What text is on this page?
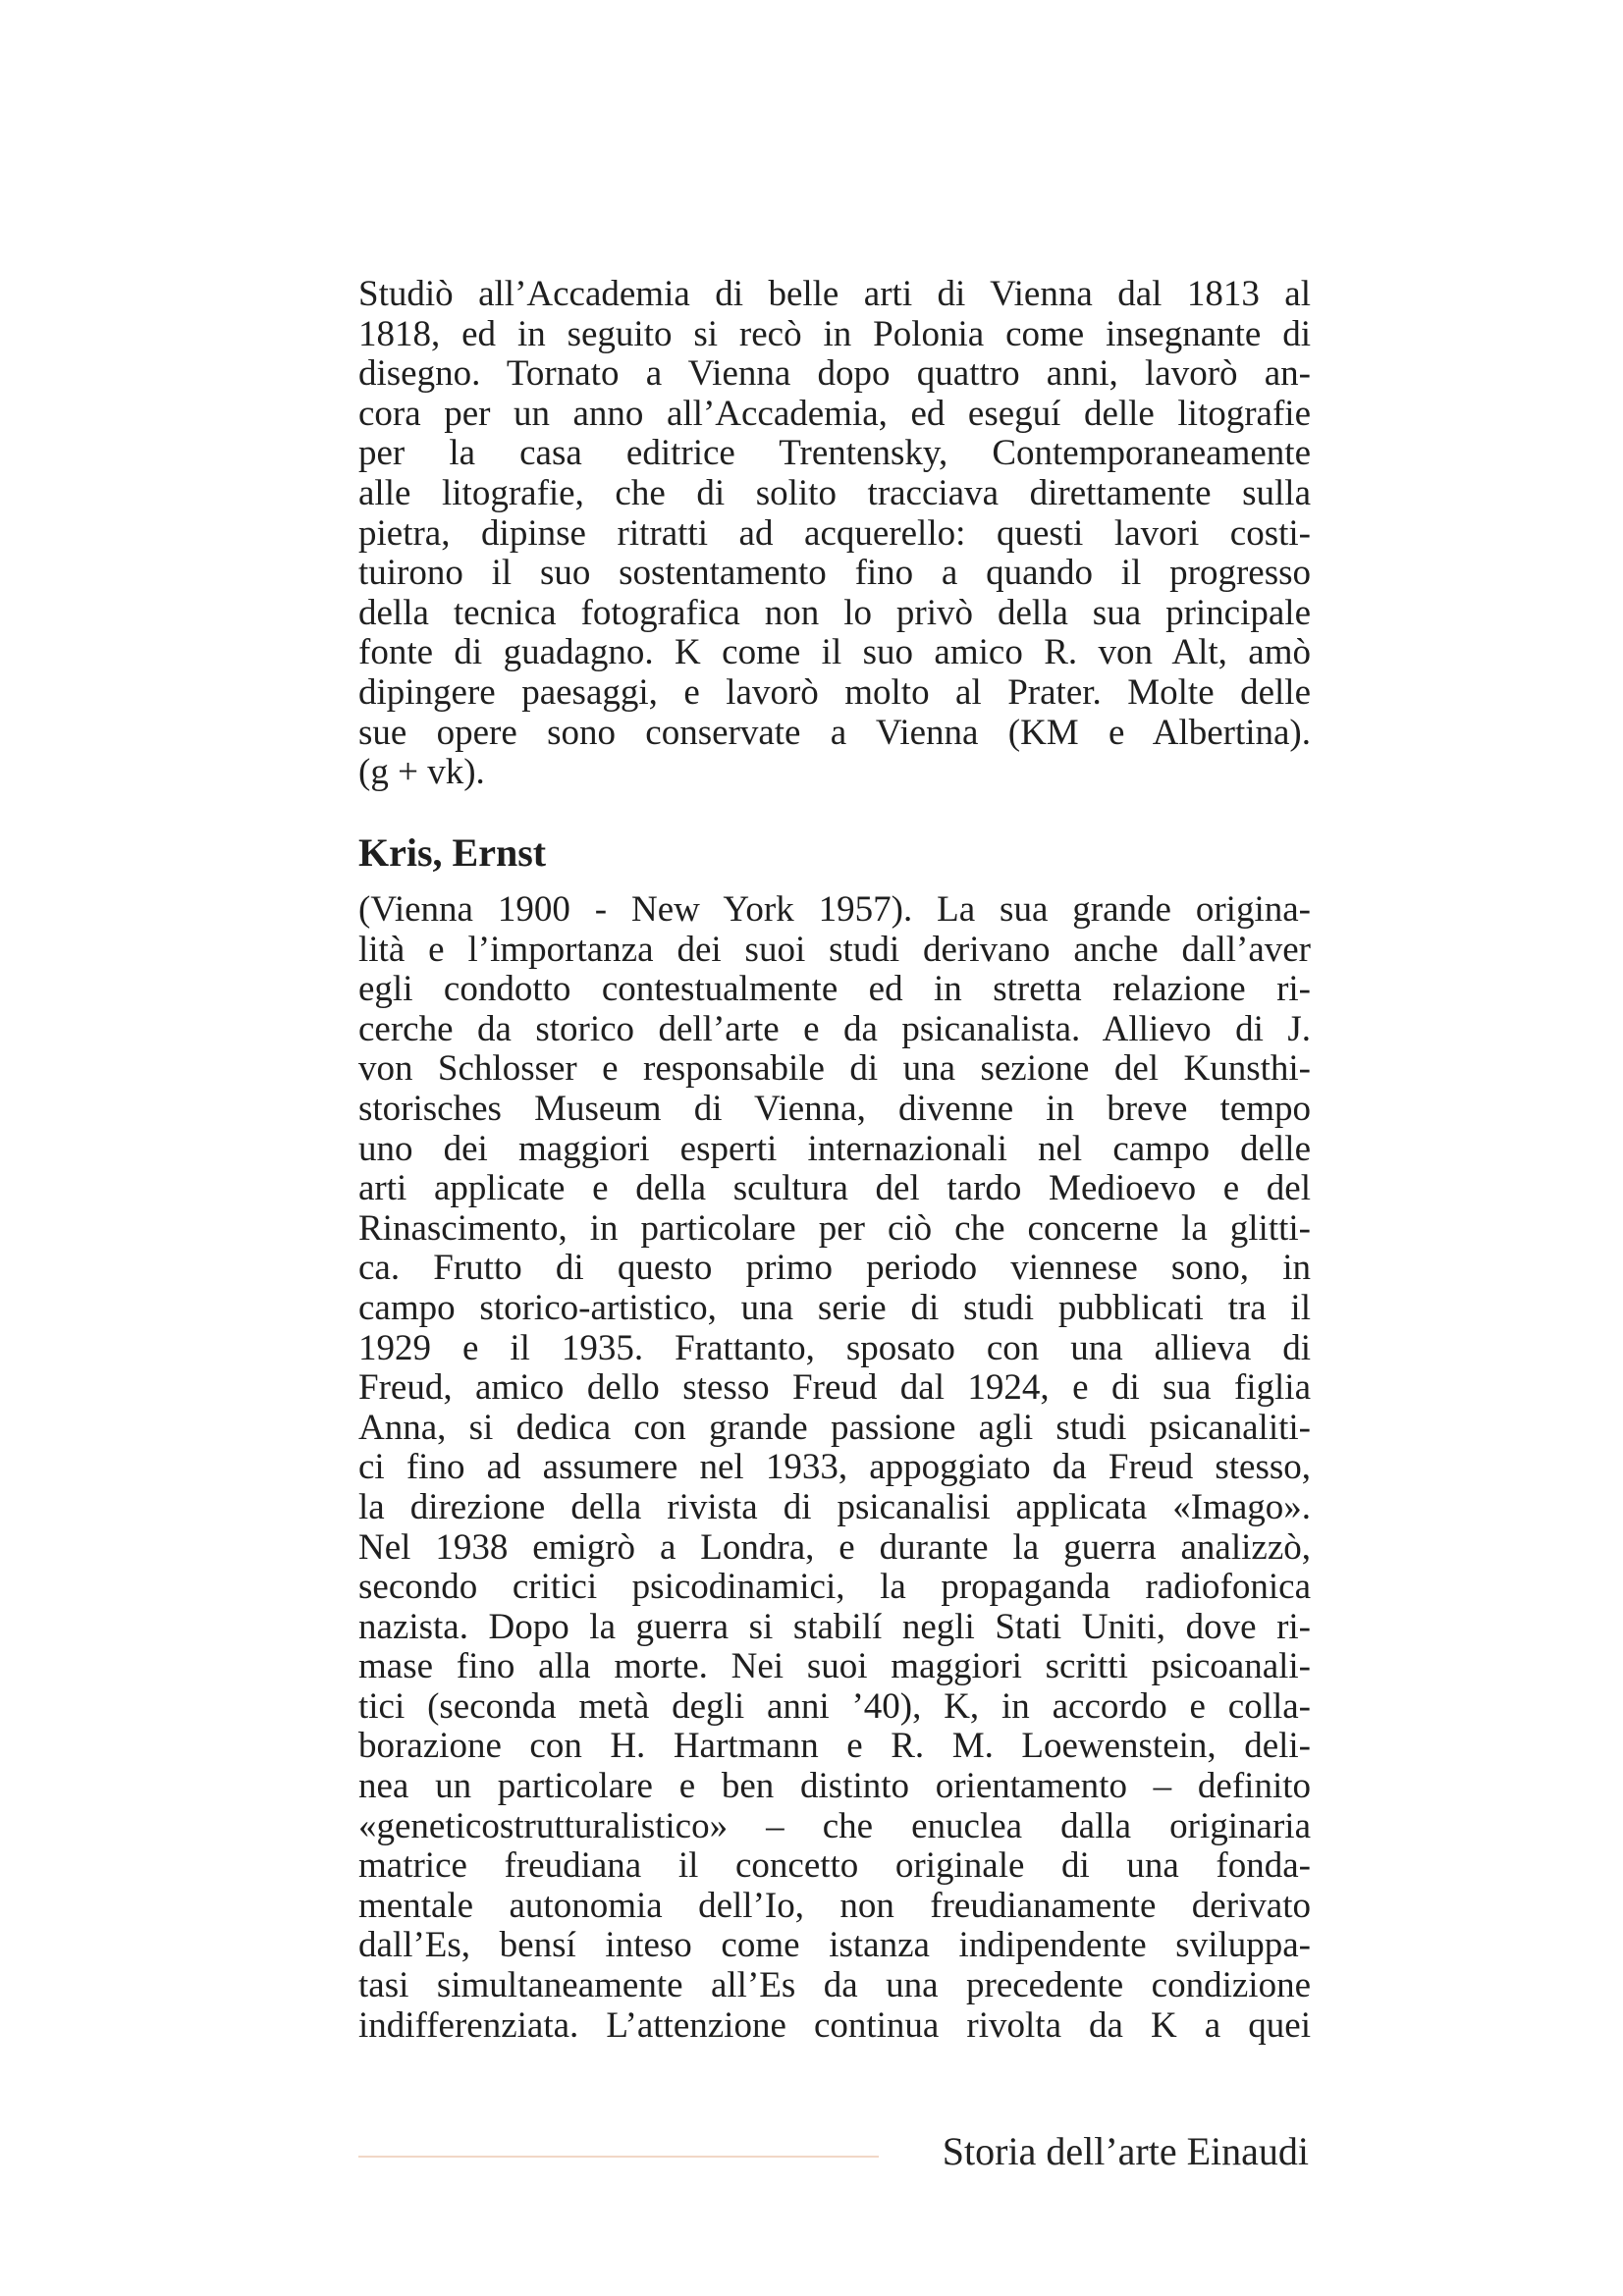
Studiò all’Accademia di belle arti di Vienna dal 1813 al
1818, ed in seguito si recò in Polonia come insegnante di
disegno. Tornato a Vienna dopo quattro anni, lavorò an-
cora per un anno all’Accademia, ed eseguí delle litografie
per la casa editrice Trentensky, Contemporaneamente
alle litografie, che di solito tracciava direttamente sulla
pietra, dipinse ritratti ad acquerello: questi lavori costi-
tuirono il suo sostentamento fino a quando il progresso
della tecnica fotografica non lo privò della sua principale
fonte di guadagno. K come il suo amico R. von Alt, amò
dipingere paesaggi, e lavorò molto al Prater. Molte delle
sue opere sono conservate a Vienna (KM e Albertina).
(g + vk).
Kris, Ernst
(Vienna 1900 - New York 1957). La sua grande origina-
lità e l’importanza dei suoi studi derivano anche dall’aver
egli condotto contestualmente ed in stretta relazione ri-
cerche da storico dell’arte e da psicanalista. Allievo di J.
von Schlosser e responsabile di una sezione del Kunsthi-
storisches Museum di Vienna, divenne in breve tempo
uno dei maggiori esperti internazionali nel campo delle
arti applicate e della scultura del tardo Medioevo e del
Rinascimento, in particolare per ciò che concerne la glitti-
ca. Frutto di questo primo periodo viennese sono, in
campo storico-artistico, una serie di studi pubblicati tra il
1929 e il 1935. Frattanto, sposato con una allieva di
Freud, amico dello stesso Freud dal 1924, e di sua figlia
Anna, si dedica con grande passione agli studi psicanaliti-
ci fino ad assumere nel 1933, appoggiato da Freud stesso,
la direzione della rivista di psicanalisi applicata «Imago».
Nel 1938 emigrò a Londra, e durante la guerra analizzò,
secondo critici psicodinamici, la propaganda radiofonica
nazista. Dopo la guerra si stabilí negli Stati Uniti, dove ri-
mase fino alla morte. Nei suoi maggiori scritti psicoanali-
tici (seconda metà degli anni ’40), K, in accordo e colla-
borazione con H. Hartmann e R. M. Loewenstein, deli-
nea un particolare e ben distinto orientamento – definito
«geneticostrutturalistico» – che enuclea dalla originaria
matrice freudiana il concetto originale di una fonda-
mentale autonomia dell’Io, non freudianamente derivato
dall’Es, bensí inteso come istanza indipendente sviluppa-
tasi simultaneamente all’Es da una precedente condizione
indifferenziata. L’attenzione continua rivolta da K a quei
Storia dell’arte Einaudi
